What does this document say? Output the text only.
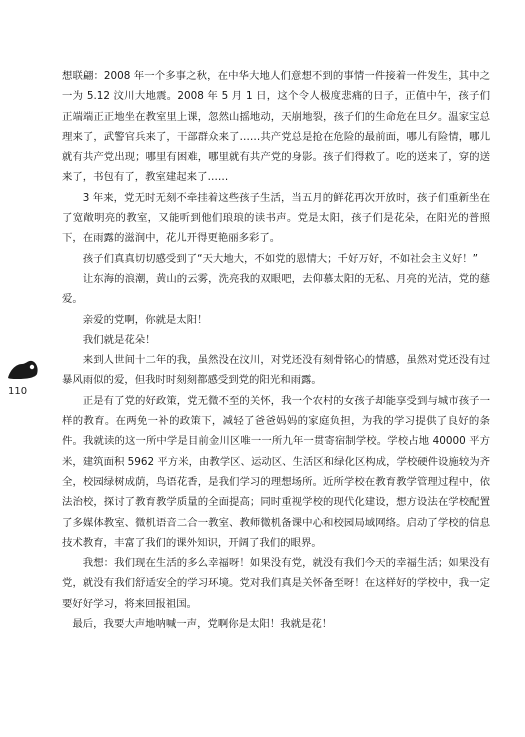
想联翩：2008 年一个多事之秋，在中华大地人们意想不到的事情一件接着一件发生，其中之一为 5.12 汶川大地震。2008 年 5 月 1 日，这个令人极度悲痛的日子，正值中午，孩子们正端端正正地坐在教室里上课，忽然山摇地动，天崩地裂，孩子们的生命危在旦夕。温家宝总理来了，武警官兵来了，干部群众来了……共产党总是抢在危险的最前面，哪儿有险情，哪儿就有共产党出现；哪里有困难，哪里就有共产党的身影。孩子们得救了。吃的送来了，穿的送来了，书包有了，教室建起来了……

3 年来，党无时无刻不牵挂着这些孩子生活，当五月的鲜花再次开放时，孩子们重新坐在了宽敞明亮的教室，又能听到他们琅琅的读书声。党是太阳，孩子们是花朵，在阳光的普照下，在雨露的滋润中，花儿开得更艳丽多彩了。

孩子们真真切切感受到了“天大地大，不如党的恩情大；千好万好，不如社会主义好！”

让东海的浪潮，黄山的云雾，洗亮我的双眼吧，去仰慕太阳的无私、月亮的光洁，党的慈爱。

亲爱的党啊，你就是太阳！

我们就是花朵！

来到人世间十二年的我，虽然没在汶川，对党还没有刻骨铭心的情感，虽然对党还没有过暴风雨似的爱，但我时时刻刻都感受到党的阳光和雨露。

正是有了党的好政策，党无微不至的关怀，我一个农村的女孩子却能享受到与城市孩子一样的教育。在两免一补的政策下，减轻了爸爸妈妈的家庭负担，为我的学习提供了良好的条件。我就读的这一所中学是目前金川区唯一一所九年一贯寄宿制学校。学校占地 40000 平方米，建筑面积 5962 平方米，由教学区、运动区、生活区和绿化区构成，学校硬件设施较为齐全，校园绿树成荫，鸟语花香，是我们学习的理想场所。近所学校在教育教学管理过程中，依法治校，探讨了教育教学质量的全面提高；同时重视学校的现代化建设，想方设法在学校配置了多媒体教室、微机语音二合一教室、教师微机备课中心和校园局域网络。启动了学校的信息技术教育，丰富了我们的课外知识，开阔了我们的眼界。

我想：我们现在生活的多么幸福呀！如果没有党，就没有我们今天的幸福生活；如果没有党，就没有我们舒适安全的学习环境。党对我们真是关怀备至呀！在这样好的学校中，我一定要好好学习，将来回报祖国。

最后，我要大声地呐喊一声，党啊你是太阳！我就是花！

110
